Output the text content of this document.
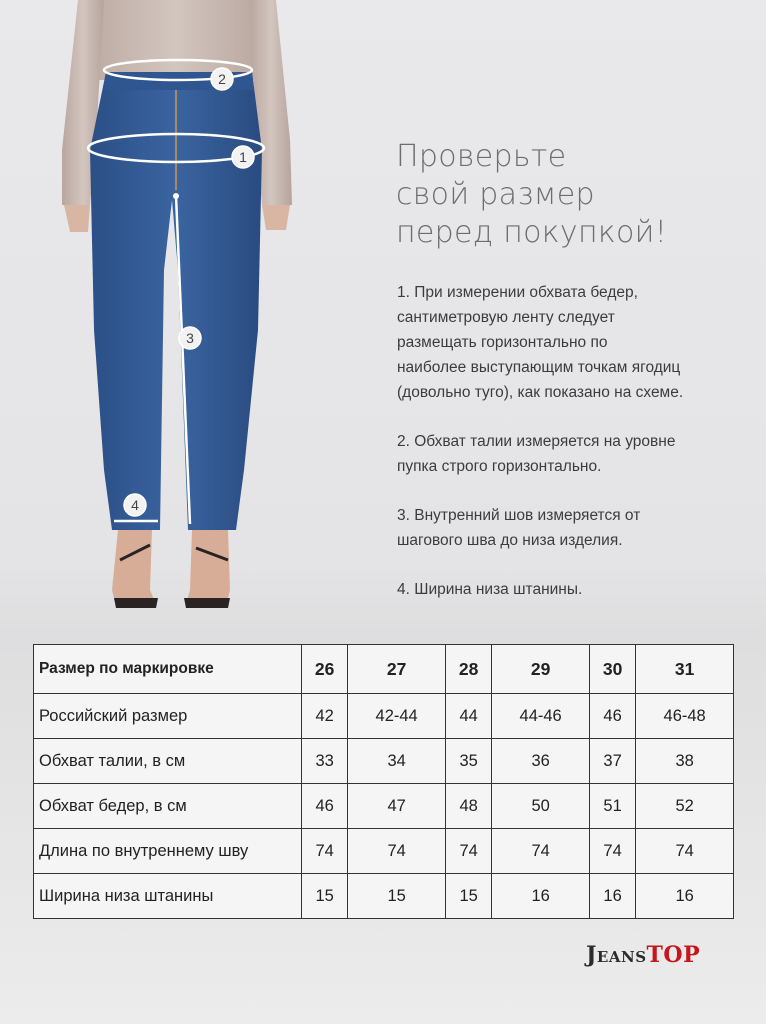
2
1
3
4
Проверьте
свой размер
перед покупкой!
1. При измерении обхвата бедер,
сантиметровую ленту следует
размещать горизонтально по
наиболее выступающим точкам ягодиц
(довольно туго), как показано на схеме.
2. Обхват талии измеряется на уровне
пупка строго горизонтально.
3. Внутренний шов измеряется от
шагового шва до низа изделия.
4. Ширина низа штанины.
Размер по маркировке	26	27	28	29	30	31
Российский размер	42	42-44	44	44-46	46	46-48
Обхват талии, в см	33	34	35	36	37	38
Обхват бедер, в см	46	47	48	50	51	52
Длина по внутреннему шву	74	74	74	74	74	74
Ширина низа штанины	15	15	15	16	16	16
JeansTOP
